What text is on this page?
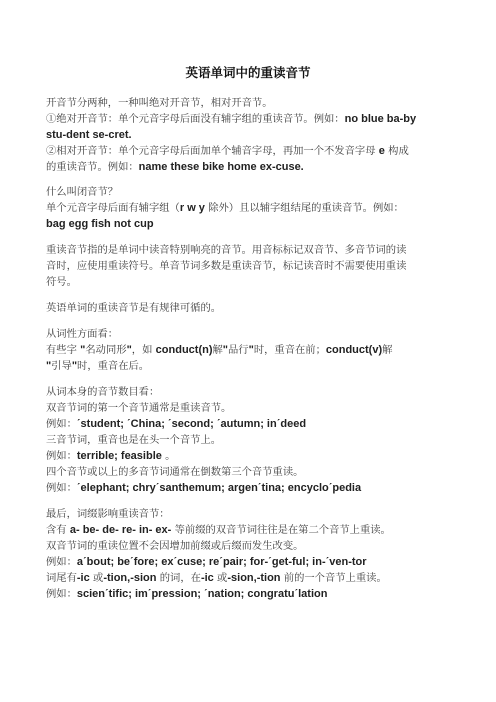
英语单词中的重读音节
开音节分两种，一种叫绝对开音节，相对开音节。
①绝对开音节：单个元音字母后面没有辅字组的重读音节。例如：no blue ba-by
stu-dent se-cret.
②相对开音节：单个元音字母后面加单个辅音字母，再加一个不发音字母 e 构成
的重读音节。例如：name these bike home ex-cuse.
什么叫闭音节？
单个元音字母后面有辅字组（r w y 除外）且以辅字组结尾的重读音节。例如：
bag egg fish not cup
重读音节指的是单词中读音特别响亮的音节。用音标标记双音节、多音节词的读
音时，应使用重读符号。单音节词多数是重读音节，标记读音时不需要使用重读
符号。
英语单词的重读音节是有规律可循的。
从词性方面看：
有些字 "名动同形"，如 conduct(n)解"品行"时，重音在前；conduct(v)解
"引导"时，重音在后。
从词本身的音节数目看：
双音节词的第一个音节通常是重读音节。
例如：ˊstudent; ˊChina; ˊsecond; ˊautumn; inˊdeed
三音节词，重音也是在头一个音节上。
例如：terrible; feasible 。
四个音节或以上的多音节词通常在倒数第三个音节重读。
例如：ˊelephant; chryˊsanthemum; argenˊtina; encycloˊpedia
最后，词缀影响重读音节：
含有 a- be- de- re- in- ex- 等前缀的双音节词往往是在第二个音节上重读。
双音节词的重读位置不会因增加前缀或后缀而发生改变。
例如：aˊbout; beˊfore; exˊcuse; reˊpair; for-ˊget-ful; in-ˊven-tor
词尾有-ic 或-tion,-sion 的词，在-ic 或-sion,-tion 前的一个音节上重读。
例如：scienˊtific; imˊpression; ˊnation; congratuˊlation
